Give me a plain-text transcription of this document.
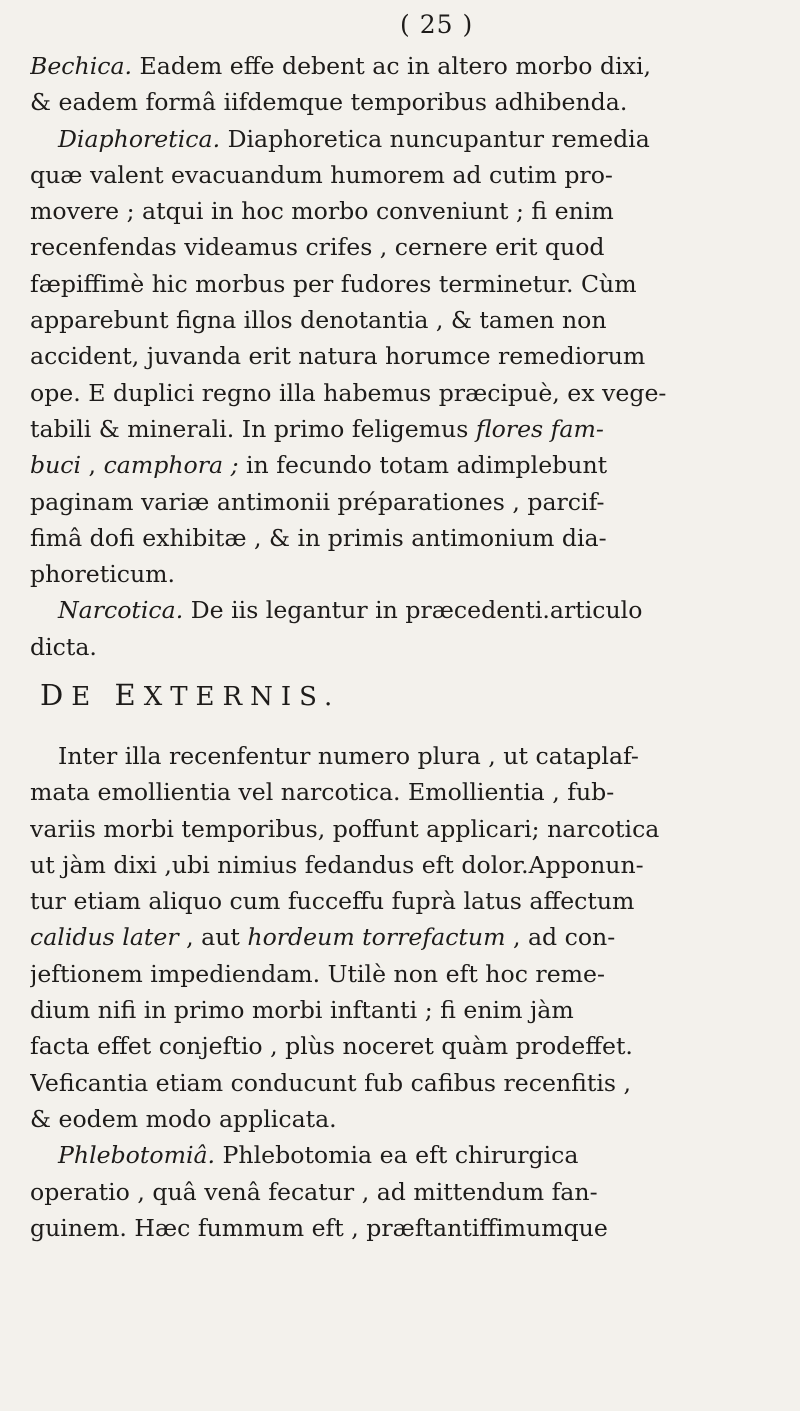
( 25 )
Bechica. Eadem effe debent ac in altero morbo dixi,
& eadem formâ iifdemque temporibus adhibenda.
Diaphoretica. Diaphoretica nuncupantur remedia
quæ valent evacuandum humorem ad cutim pro-
movere ; atqui in hoc morbo conveniunt ; fi enim
recenfendas videamus crifes , cernere erit quod
fæpiffimè hic morbus per fudores terminetur. Cùm
apparebunt figna illos denotantia , & tamen non
accident, juvanda erit natura horumce remediorum
ope. E duplici regno illa habemus præcipuè, ex vege-
tabili & minerali. In primo feligemus flores fam-
buci , camphora ; in fecundo totam adimplebunt
paginam variæ antimonii préparationes , parcif-
fimâ dofi exhibitæ , & in primis antimonium dia-
phoreticum.
Narcotica. De iis legantur in præcedenti.articulo
dicta.
DE EXTERNIS.
Inter illa recenfentur numero plura , ut cataplaf-
mata emollientia vel narcotica. Emollientia , fub-
variis morbi temporibus, poffunt applicari; narcotica
ut jàm dixi ,ubi nimius fedandus eft dolor.Apponun-
tur etiam aliquo cum fucceffu fuprà latus affectum
calidus later , aut hordeum torrefactum , ad con-
jeftionem impediendam. Utilè non eft hoc reme-
dium nifi in primo morbi inftanti ; fi enim jàm
facta effet conjeftio , plùs noceret quàm prodeffet.
Veficantia etiam conducunt fub cafibus recenfitis ,
& eodem modo applicata.
Phlebotomiâ. Phlebotomia ea eft chirurgica
operatio , quâ venâ fecatur , ad mittendum fan-
guinem. Hæc fummum eft , præftantiffimumque
